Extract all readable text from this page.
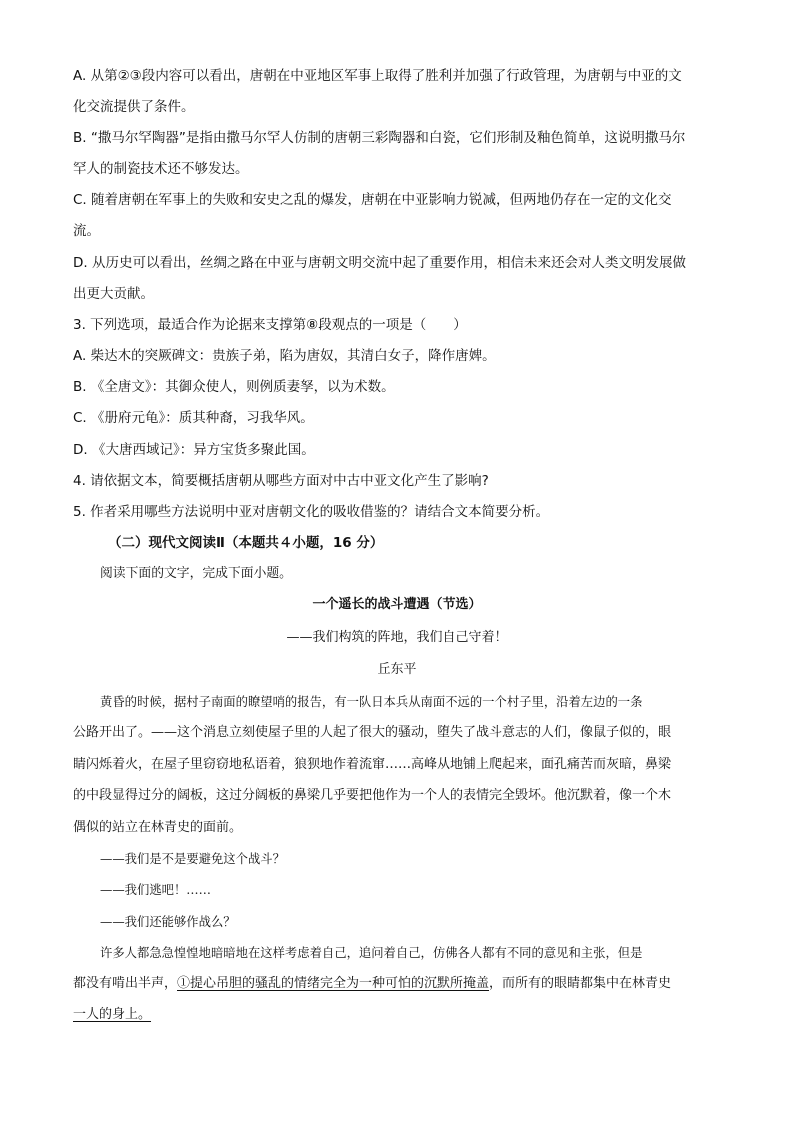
A. 从第②③段内容可以看出，唐朝在中亚地区军事上取得了胜利并加强了行政管理，为唐朝与中亚的文
化交流提供了条件。
B. “撒马尔罕陶器”是指由撒马尔罕人仿制的唐朝三彩陶器和白瓷，它们形制及釉色简单，这说明撒马尔
罕人的制瓷技术还不够发达。
C. 随着唐朝在军事上的失败和安史之乱的爆发，唐朝在中亚影响力锐减，但两地仍存在一定的文化交
流。
D. 从历史可以看出，丝绸之路在中亚与唐朝文明交流中起了重要作用，相信未来还会对人类文明发展做
出更大贡献。
3. 下列选项，最适合作为论据来支撑第⑧段观点的一项是（　　）
A. 柴达木的突厥碑文：贵族子弟，陷为唐奴，其清白女子，降作唐婢。
B. 《全唐文》：其御众使人，则例质妻孥，以为术数。
C. 《册府元龟》：质其种裔，习我华风。
D. 《大唐西域记》：异方宝货多聚此国。
4. 请依据文本，简要概括唐朝从哪些方面对中古中亚文化产生了影响?
5. 作者采用哪些方法说明中亚对唐朝文化的吸收借鉴的？请结合文本简要分析。
（二）现代文阅读Ⅱ（本题共４小题，16 分）
阅读下面的文字，完成下面小题。
一个遥长的战斗遭遇（节选）
——我们构筑的阵地，我们自己守着！
丘东平
黄昏的时候，据村子南面的瞭望哨的报告，有一队日本兵从南面不远的一个村子里，沿着左边的一条
公路开出了。——这个消息立刻使屋子里的人起了很大的骚动，堕失了战斗意志的人们，像鼠子似的，眼
睛闪烁着火，在屋子里窃窃地私语着，狼狈地作着流窜……高峰从地铺上爬起来，面孔痛苦而灰暗，鼻梁
的中段显得过分的阔板，这过分阔板的鼻梁几乎要把他作为一个人的表情完全毁坏。他沉默着，像一个木
偶似的站立在林青史的面前。
——我们是不是要避免这个战斗？
——我们逃吧！……
——我们还能够作战么？
许多人都急急惶惶地暗暗地在这样考虑着自己，追问着自己，仿佛各人都有不同的意见和主张，但是
都没有啃出半声，①提心吊胆的骚乱的情绪完全为一种可怕的沉默所掩盖，而所有的眼睛都集中在林青史
一人的身上。
